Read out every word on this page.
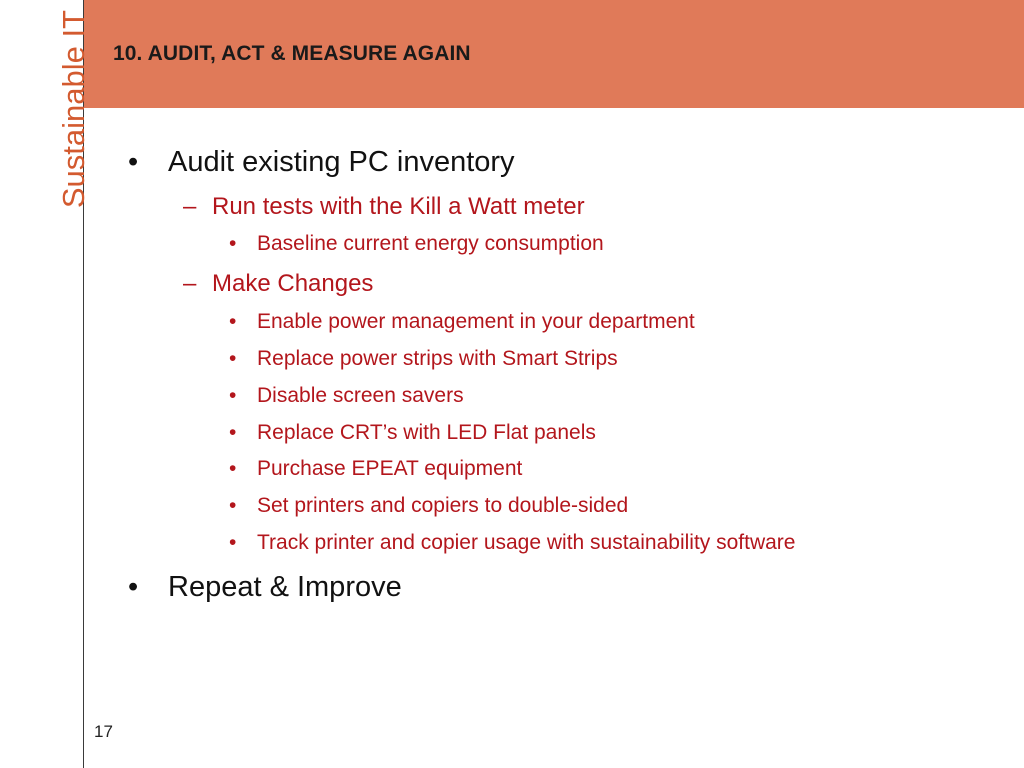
10. AUDIT, ACT & MEASURE AGAIN
Sustainable IT
17
• Audit existing PC inventory
– Run tests with the Kill a Watt meter
• Baseline current energy consumption
– Make Changes
• Enable power management in your department
• Replace power strips with Smart Strips
• Disable screen savers
• Replace CRT’s with LED Flat panels
• Purchase EPEAT equipment
• Set printers and copiers to double-sided
• Track printer and copier usage with sustainability software
• Repeat & Improve
